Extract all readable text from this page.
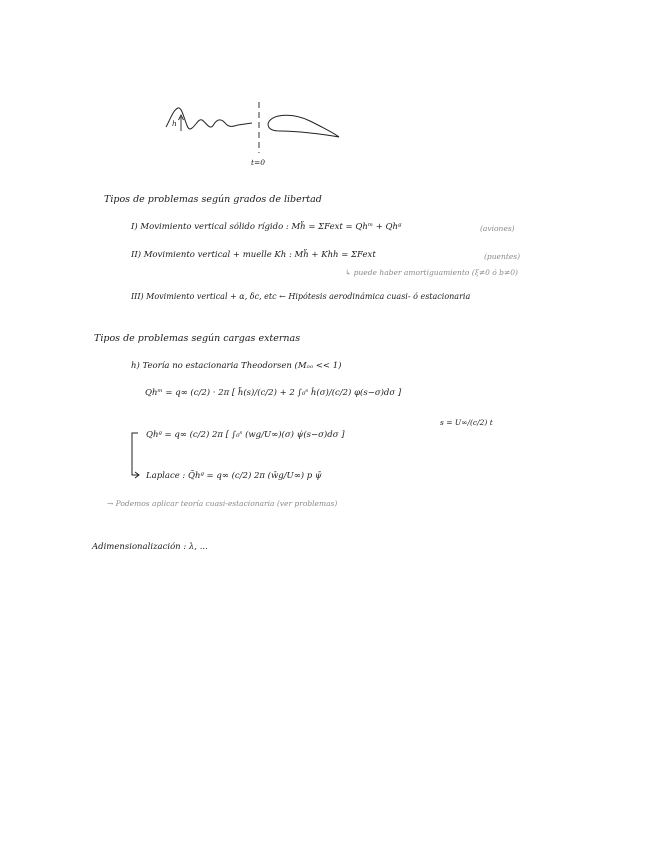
h
t=0
Tipos de problemas según grados de libertad
I) Movimiento vertical sólido rígido : Mḧ = ΣFext = Qhᵐ + Qhᵍ	(aviones)
II) Movimiento vertical + muelle Kh : Mḧ + Khh = ΣFext	(puentes)
↳ puede haber amortiguamiento (ξ≠0 ó b≠0)
III) Movimiento vertical + α, δc, etc ← Hipótesis aerodinámica cuasi- ó estacionaria
Tipos de problemas según cargas externas
h) Teoría no estacionaria Theodorsen (Mₒₒ << 1)
Qhᵐ = q∞ (c/2) · 2π [ ḧ(s)/(c/2) + 2 ∫₀ˢ ḣ(σ)/(c/2) φ(s−σ)dσ ]
s = U∞/(c/2) t
Qhᵍ = q∞ (c/2) 2π [ ∫₀ˢ (wg/U∞)(σ) ψ̇(s−σ)dσ ]
Laplace : Q̄hᵍ = q∞ (c/2) 2π (w̄g/U∞) p ψ̄
→ Podemos aplicar teoría cuasi-estacionaria (ver problemas)
Adimensionalización : λ, ...
